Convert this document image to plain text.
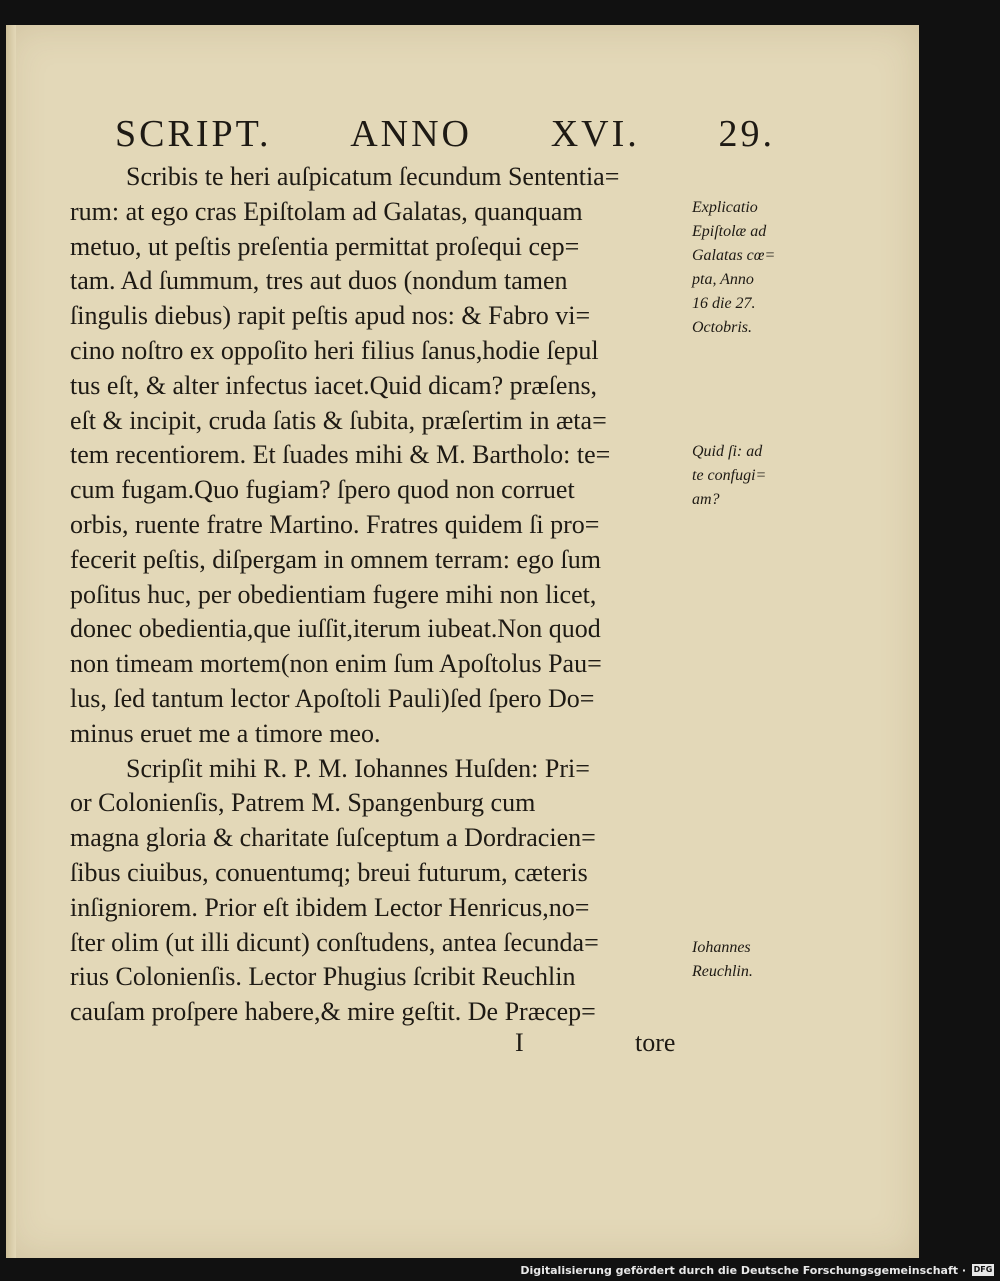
SCRIPT. ANNO XVI. 29.
Scribis te heri auſpicatum ſecundum Sententia=
rum: at ego cras Epiſtolam ad Galatas, quanquam
metuo, ut peſtis preſentia permittat proſequi cep=
tam. Ad ſummum, tres aut duos (nondum tamen
ſingulis diebus) rapit peſtis apud nos: & Fabro vi=
cino noſtro ex oppoſito heri filius ſanus,hodie ſepul
tus eſt, & alter infectus iacet.Quid dicam? præſens,
eſt & incipit, cruda ſatis & ſubita, præſertim in æta=
tem recentiorem. Et ſuades mihi & M. Bartholo: te=
cum fugam.Quo fugiam? ſpero quod non corruet
orbis, ruente fratre Martino. Fratres quidem ſi pro=
fecerit peſtis, diſpergam in omnem terram: ego ſum
poſitus huc, per obedientiam fugere mihi non licet,
donec obedientia,que iuſſit,iterum iubeat.Non quod
non timeam mortem(non enim ſum Apoſtolus Pau=
lus, ſed tantum lector Apoſtoli Pauli)ſed ſpero Do=
minus eruet me a timore meo.
Scripſit mihi R. P. M. Iohannes Huſden: Pri=
or Colonienſis, Patrem M. Spangenburg cum
magna gloria & charitate ſuſceptum a Dordracien=
ſibus ciuibus, conuentumq; breui futurum, cæteris
inſigniorem. Prior eſt ibidem Lector Henricus,no=
ſter olim (ut illi dicunt) conſtudens, antea ſecunda=
rius Colonienſis. Lector Phugius ſcribit Reuchlin
cauſam proſpere habere,& mire geſtit. De Præcep=
Explicatio
Epiſtolæ ad
Galatas cœ=
pta, Anno
16 die 27.
Octobris.
Quid ſi: ad
te confugi=
am?
Iohannes
Reuchlin.
I	tore
Digitalisierung gefördert durch die Deutsche Forschungsgemeinschaft · DFG
